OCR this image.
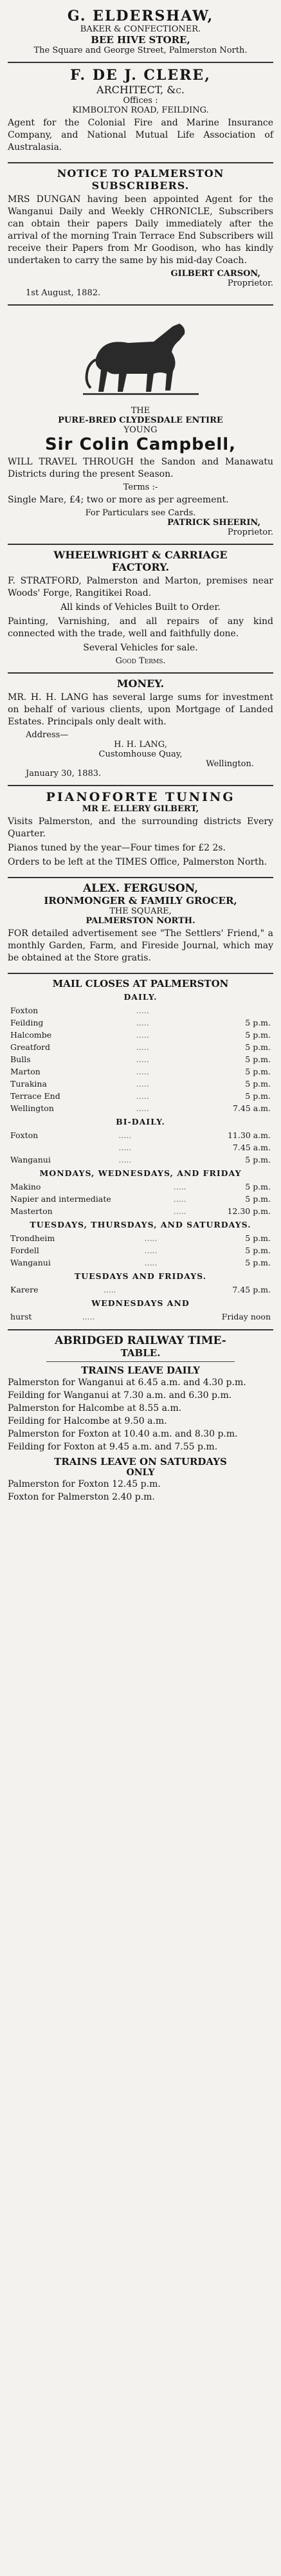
G. ELDERSHAW,
BAKER & CONFECTIONER.
BEE HIVE STORE,
The Square and George Street, Palmerston North.
F. DE J. CLERE,
ARCHITECT, &c.
Offices :
KIMBOLTON ROAD, FEILDING.

Agent for the Colonial Fire and Marine Insurance Company, and National Mutual Life Association of Australasia.

NOTICE TO PALMERSTON
SUBSCRIBERS.

MRS DUNGAN having been appointed Agent for the Wanganui Daily and Weekly CHRONICLE, Subscribers can obtain their papers Daily immediately after the arrival of the morning Train Terrace End Subscribers will receive their Papers from Mr Goodison, who has kindly undertaken to carry the same by his mid-day Coach.

GILBERT CARSON,
Proprietor.
1st August, 1882.
THE
PURE-BRED CLYDESDALE ENTIRE
YOUNG
Sir Colin Campbell,

WILL TRAVEL THROUGH the Sandon and Manawatu Districts during the present Season.

Terms :-

Single Mare, £4; two or more as per agreement.

For Particulars see Cards.
PATRICK SHEERIN,
Proprietor.
WHEELWRIGHT & CARRIAGE
FACTORY.

F. STRATFORD, Palmerston and Marton, premises near Woods' Forge, Rangitikei Road.

All kinds of Vehicles Built to Order.

Painting, Varnishing, and all repairs of any kind connected with the trade, well and faithfully done.

Several Vehicles for sale.

Good Terms.
MONEY.

MR. H. H. LANG has several large sums for investment on behalf of various clients, upon Mortgage of Landed Estates. Principals only dealt with.

Address—
H. H. LANG,
Customhouse Quay,
Wellington.
January 30, 1883.
PIANOFORTE TUNING
MR E. ELLERY GILBERT,

Visits Palmerston, and the surrounding districts Every Quarter.

Pianos tuned by the year—Four times for £2 2s.

Orders to be left at the TIMES Office, Palmerston North.

ALEX. FERGUSON,
IRONMONGER & FAMILY GROCER,
THE SQUARE,
PALMERSTON NORTH.

FOR detailed advertisement see "The Settlers' Friend," a monthly Garden, Farm, and Fireside Journal, which may be obtained at the Store gratis.

MAIL CLOSES AT PALMERSTON
DAILY.
Foxton	.....	
Feilding	.....	5 p.m.
Halcombe	.....	5 p.m.
Greatford	.....	5 p.m.
Bulls	.....	5 p.m.
Marton	.....	5 p.m.
Turakina	.....	5 p.m.
Terrace End	.....	5 p.m.
Wellington	.....	7.45 a.m.
BI-DAILY.
Foxton	.....	11.30 a.m.
	.....	7.45 a.m.
Wanganui	.....	5 p.m.
MONDAYS, WEDNESDAYS, AND FRIDAY
Makino	.....	5 p.m.
Napier and intermediate	.....	5 p.m.
Masterton	.....	12.30 p.m.
TUESDAYS, THURSDAYS, AND SATURDAYS.
Trondheim	.....	5 p.m.
Fordell	.....	5 p.m.
Wanganui	.....	5 p.m.
TUESDAYS AND FRIDAYS.
Karere	.....	7.45 p.m.
WEDNESDAYS AND
hurst	.....	Friday noon
ABRIDGED RAILWAY TIME-
TABLE.
TRAINS LEAVE DAILY

Palmerston for Wanganui at 6.45 a.m. and 4.30 p.m.

Feilding for Wanganui at 7.30 a.m. and 6.30 p.m.

Palmerston for Halcombe at 8.55 a.m.

Feilding for Halcombe at 9.50 a.m.

Palmerston for Foxton at 10.40 a.m. and 8.30 p.m.

Feilding for Foxton at 9.45 a.m. and 7.55 p.m.

TRAINS LEAVE ON SATURDAYS
ONLY

Palmerston for Foxton 12.45 p.m.

Foxton for Palmerston 2.40 p.m.
